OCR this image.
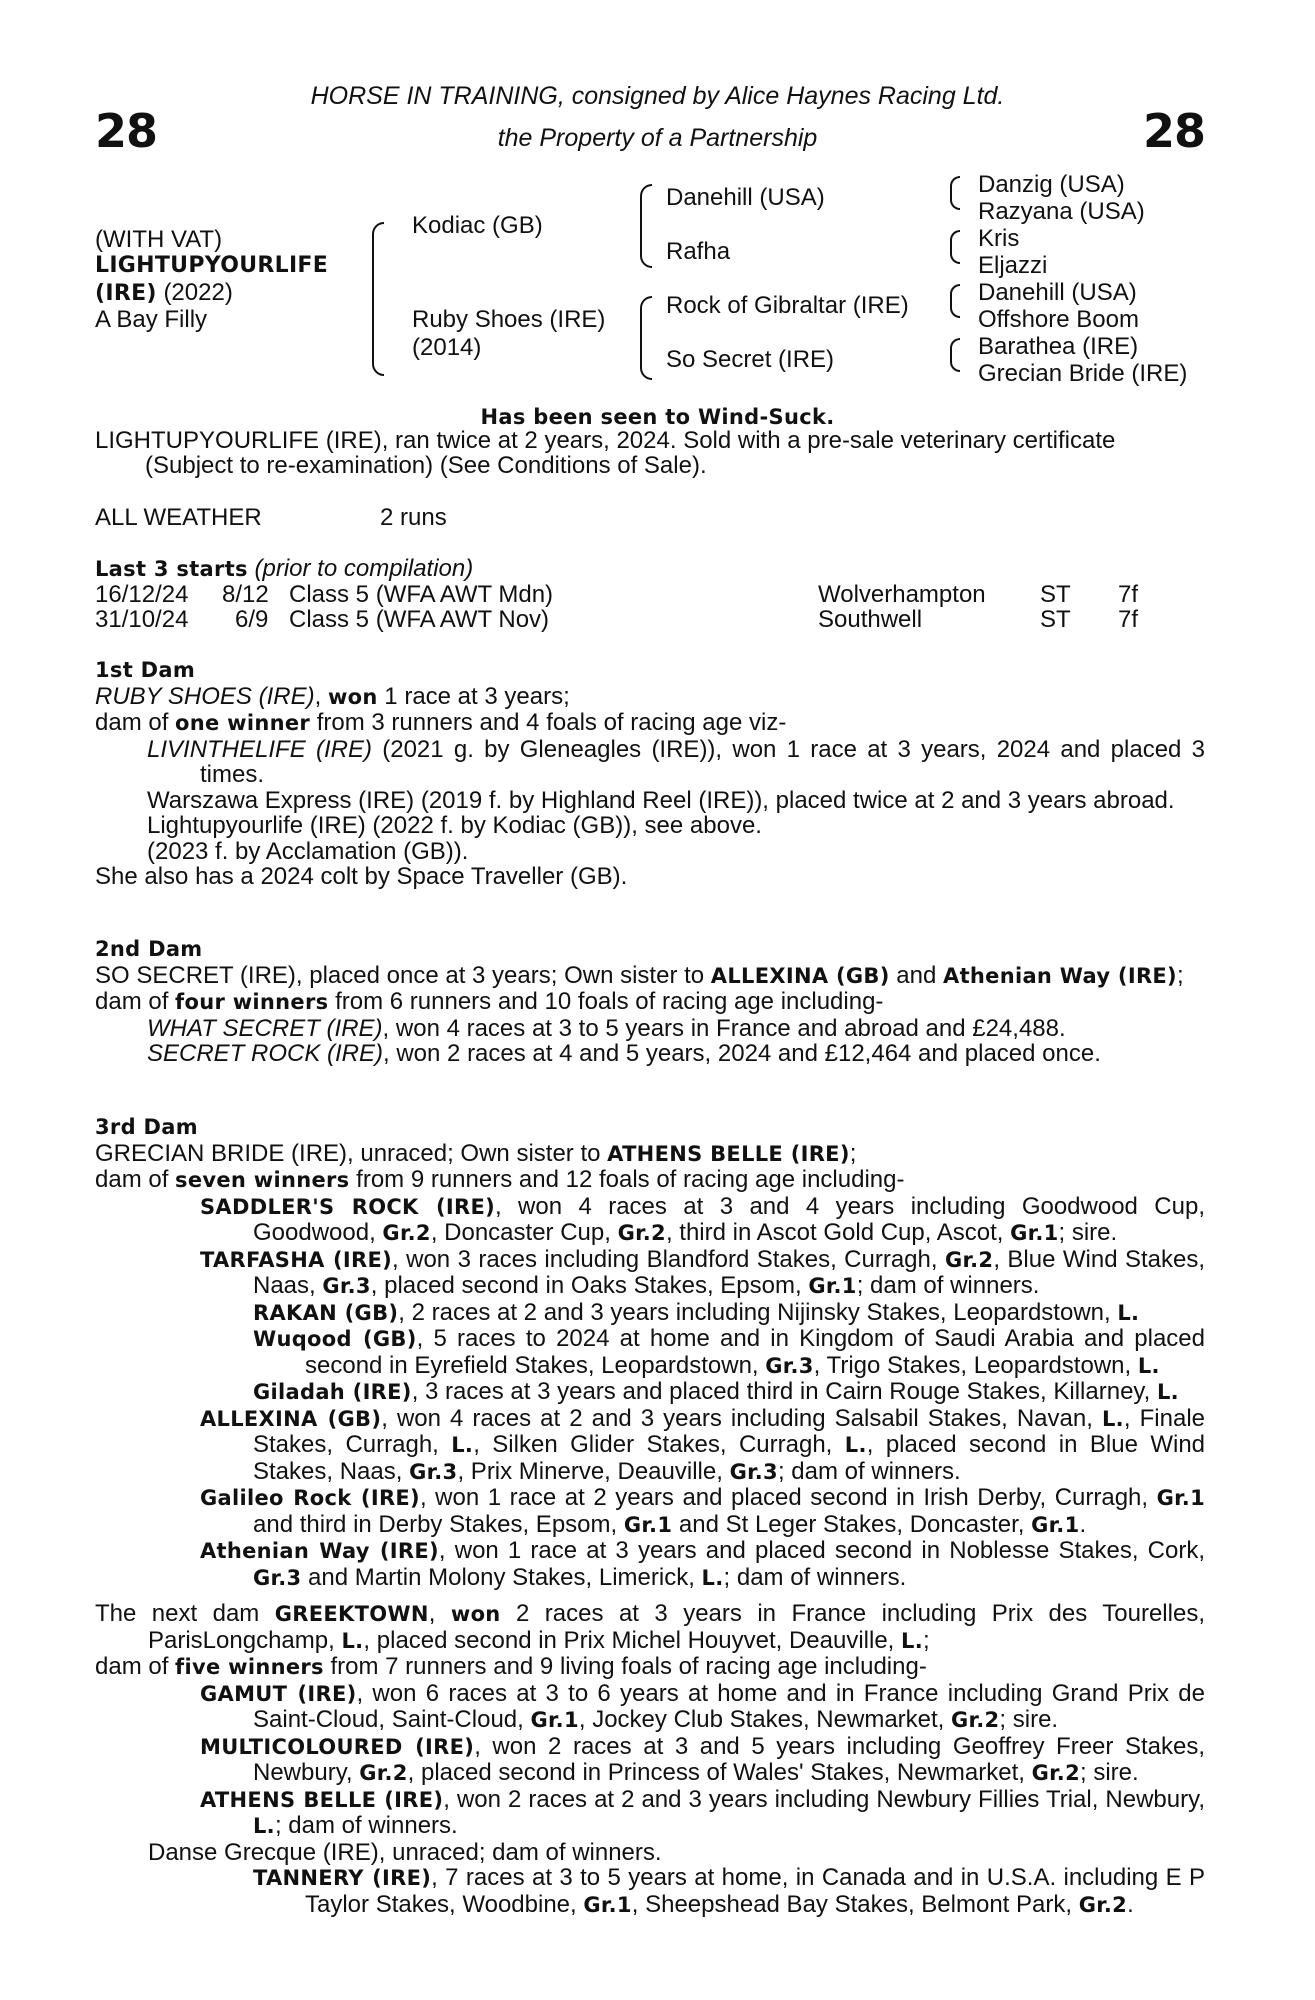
28	28
HORSE IN TRAINING, consigned by Alice Haynes Racing Ltd.
the Property of a Partnership
(WITH VAT)
LIGHTUPYOURLIFE
(IRE) (2022)
A Bay Filly
Kodiac (GB)
Ruby Shoes (IRE)
(2014)
Danehill (USA)
Rafha
Rock of Gibraltar (IRE)
So Secret (IRE)
Danzig (USA)
Razyana (USA)
Kris
Eljazzi
Danehill (USA)
Offshore Boom
Barathea (IRE)
Grecian Bride (IRE)
Has been seen to Wind-Suck.
LIGHTUPYOURLIFE (IRE), ran twice at 2 years, 2024. Sold with a pre-sale veterinary certificate
(Subject to re-examination) (See Conditions of Sale).
ALL WEATHER	2 runs
Last 3 starts (prior to compilation)
16/12/24 8/12 Class 5 (WFA AWT Mdn)	Wolverhampton ST 7f
31/10/24 6/9 Class 5 (WFA AWT Nov)	Southwell	ST 7f

1st Dam

RUBY SHOES (IRE), won 1 race at 3 years;

dam of one winner from 3 runners and 4 foals of racing age viz-

LIVINTHELIFE (IRE) (2021 g. by Gleneagles (IRE)), won 1 race at 3 years, 2024 and placed 3 times.

Warszawa Express (IRE) (2019 f. by Highland Reel (IRE)), placed twice at 2 and 3 years abroad.

Lightupyourlife (IRE) (2022 f. by Kodiac (GB)), see above.

(2023 f. by Acclamation (GB)).

She also has a 2024 colt by Space Traveller (GB).

2nd Dam

SO SECRET (IRE), placed once at 3 years; Own sister to ALLEXINA (GB) and Athenian Way (IRE);

dam of four winners from 6 runners and 10 foals of racing age including-

WHAT SECRET (IRE), won 4 races at 3 to 5 years in France and abroad and £24,488.

SECRET ROCK (IRE), won 2 races at 4 and 5 years, 2024 and £12,464 and placed once.

3rd Dam

GRECIAN BRIDE (IRE), unraced; Own sister to ATHENS BELLE (IRE);

dam of seven winners from 9 runners and 12 foals of racing age including-

SADDLER'S ROCK (IRE), won 4 races at 3 and 4 years including Goodwood Cup, Goodwood, Gr.2, Doncaster Cup, Gr.2, third in Ascot Gold Cup, Ascot, Gr.1; sire.

TARFASHA (IRE), won 3 races including Blandford Stakes, Curragh, Gr.2, Blue Wind Stakes, Naas, Gr.3, placed second in Oaks Stakes, Epsom, Gr.1; dam of winners.

RAKAN (GB), 2 races at 2 and 3 years including Nijinsky Stakes, Leopardstown, L.

Wuqood (GB), 5 races to 2024 at home and in Kingdom of Saudi Arabia and placed second in Eyrefield Stakes, Leopardstown, Gr.3, Trigo Stakes, Leopardstown, L.

Giladah (IRE), 3 races at 3 years and placed third in Cairn Rouge Stakes, Killarney, L.

ALLEXINA (GB), won 4 races at 2 and 3 years including Salsabil Stakes, Navan, L., Finale Stakes, Curragh, L., Silken Glider Stakes, Curragh, L., placed second in Blue Wind Stakes, Naas, Gr.3, Prix Minerve, Deauville, Gr.3; dam of winners.

Galileo Rock (IRE), won 1 race at 2 years and placed second in Irish Derby, Curragh, Gr.1 and third in Derby Stakes, Epsom, Gr.1 and St Leger Stakes, Doncaster, Gr.1.

Athenian Way (IRE), won 1 race at 3 years and placed second in Noblesse Stakes, Cork, Gr.3 and Martin Molony Stakes, Limerick, L.; dam of winners.

The next dam GREEKTOWN, won 2 races at 3 years in France including Prix des Tourelles, ParisLongchamp, L., placed second in Prix Michel Houyvet, Deauville, L.;

dam of five winners from 7 runners and 9 living foals of racing age including-

GAMUT (IRE), won 6 races at 3 to 6 years at home and in France including Grand Prix de Saint-Cloud, Saint-Cloud, Gr.1, Jockey Club Stakes, Newmarket, Gr.2; sire.

MULTICOLOURED (IRE), won 2 races at 3 and 5 years including Geoffrey Freer Stakes, Newbury, Gr.2, placed second in Princess of Wales' Stakes, Newmarket, Gr.2; sire.

ATHENS BELLE (IRE), won 2 races at 2 and 3 years including Newbury Fillies Trial, Newbury, L.; dam of winners.

Danse Grecque (IRE), unraced; dam of winners.

TANNERY (IRE), 7 races at 3 to 5 years at home, in Canada and in U.S.A. including E P Taylor Stakes, Woodbine, Gr.1, Sheepshead Bay Stakes, Belmont Park, Gr.2.
